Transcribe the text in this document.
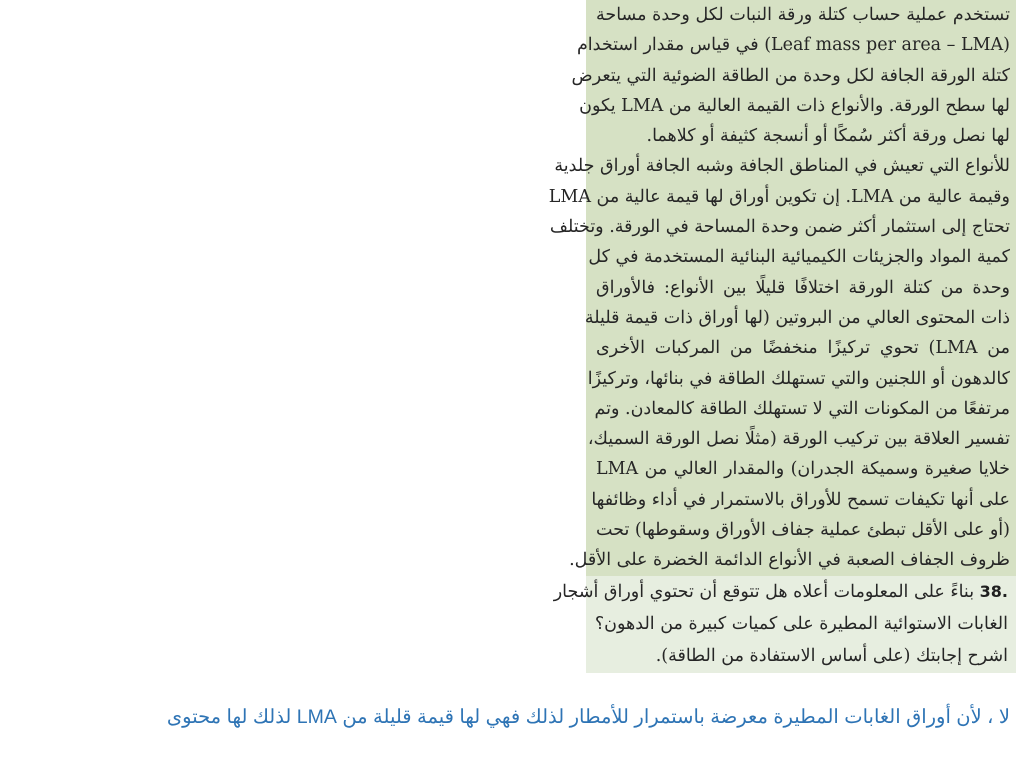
تستخدم عملية حساب كتلة ورقة النبات لكل وحدة مساحة
(Leaf mass per area – LMA) في قياس مقدار استخدام
كتلة الورقة الجافة لكل وحدة من الطاقة الضوئية التي يتعرض
لها سطح الورقة. والأنواع ذات القيمة العالية من LMA يكون
لها نصل ورقة أكثر سُمكًا أو أنسجة كثيفة أو كلاهما.
للأنواع التي تعيش في المناطق الجافة وشبه الجافة أوراق جلدية
وقيمة عالية من LMA. إن تكوين أوراق لها قيمة عالية من LMA
تحتاج إلى استثمار أكثر ضمن وحدة المساحة في الورقة. وتختلف
كمية المواد والجزيئات الكيميائية البنائية المستخدمة في كل
وحدة من كتلة الورقة اختلافًا قليلًا بين الأنواع: فالأوراق
ذات المحتوى العالي من البروتين (لها أوراق ذات قيمة قليلة
من LMA) تحوي تركيزًا منخفضًا من المركبات الأخرى
كالدهون أو اللجنين والتي تستهلك الطاقة في بنائها، وتركيزًا
مرتفعًا من المكونات التي لا تستهلك الطاقة كالمعادن. وتم
تفسير العلاقة بين تركيب الورقة (مثلًا نصل الورقة السميك،
خلايا صغيرة وسميكة الجدران) والمقدار العالي من LMA
على أنها تكيفات تسمح للأوراق بالاستمرار في أداء وظائفها
(أو على الأقل تبطئ عملية جفاف الأوراق وسقوطها) تحت
ظروف الجفاف الصعبة في الأنواع الدائمة الخضرة على الأقل.
38. بناءً على المعلومات أعلاه هل تتوقع أن تحتوي أوراق أشجار
الغابات الاستوائية المطيرة على كميات كبيرة من الدهون؟
اشرح إجابتك (على أساس الاستفادة من الطاقة).
لا ، لأن أوراق الغابات المطيرة معرضة باستمرار للأمطار لذلك فهي لها قيمة قليلة من LMA لذلك لها محتوى
